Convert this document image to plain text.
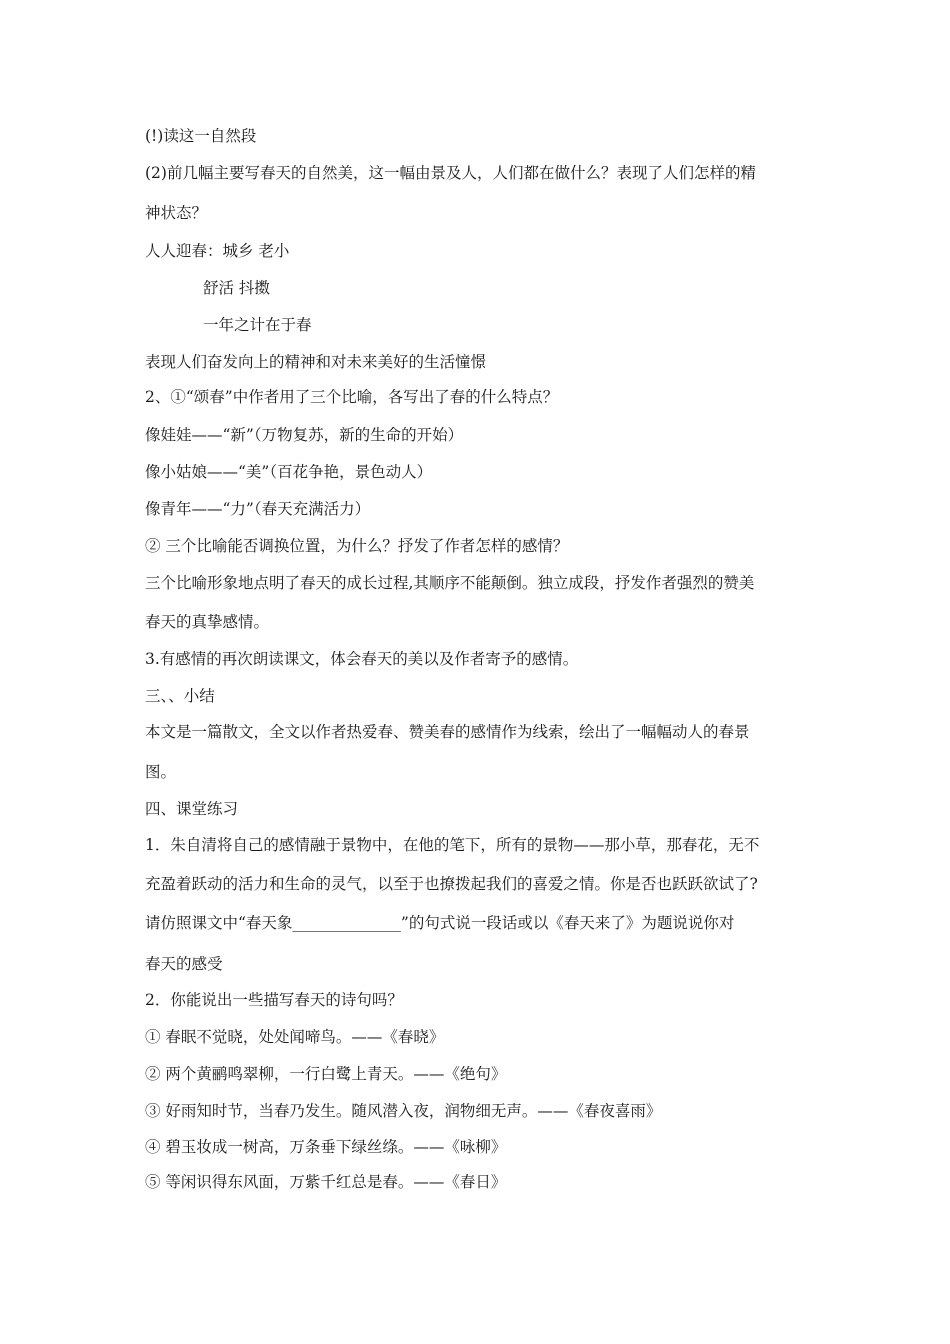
(!)读这一自然段
(2)前几幅主要写春天的自然美，这一幅由景及人，人们都在做什么？表现了人们怎样的精
神状态？
人人迎春：城乡 老小
舒活 抖擞
一年之计在于春
表现人们奋发向上的精神和对未来美好的生活憧憬
2、①“颂春”中作者用了三个比喻，各写出了春的什么特点？
像娃娃——“新”（万物复苏，新的生命的开始）
像小姑娘——“美”（百花争艳，景色动人）
像青年——“力”（春天充满活力）
② 三个比喻能否调换位置，为什么？抒发了作者怎样的感情？
三个比喻形象地点明了春天的成长过程,其顺序不能颠倒。独立成段，抒发作者强烈的赞美
春天的真挚感情。
3.有感情的再次朗读课文，体会春天的美以及作者寄予的感情。
三、、小结
本文是一篇散文，全文以作者热爱春、赞美春的感情作为线索，绘出了一幅幅动人的春景
图。
四、课堂练习
1．朱自清将自己的感情融于景物中，在他的笔下，所有的景物——那小草，那春花，无不
充盈着跃动的活力和生命的灵气，以至于也撩拨起我们的喜爱之情。你是否也跃跃欲试了?
请仿照课文中“春天象______________”的句式说一段话或以《春天来了》为题说说你对
春天的感受
2．你能说出一些描写春天的诗句吗？
① 春眠不觉晓，处处闻啼鸟。——《春晓》
② 两个黄鹂鸣翠柳，一行白鹭上青天。——《绝句》
③ 好雨知时节，当春乃发生。随风潜入夜，润物细无声。——《春夜喜雨》
④ 碧玉妆成一树高，万条垂下绿丝绦。——《咏柳》
⑤ 等闲识得东风面，万紫千红总是春。——《春日》
